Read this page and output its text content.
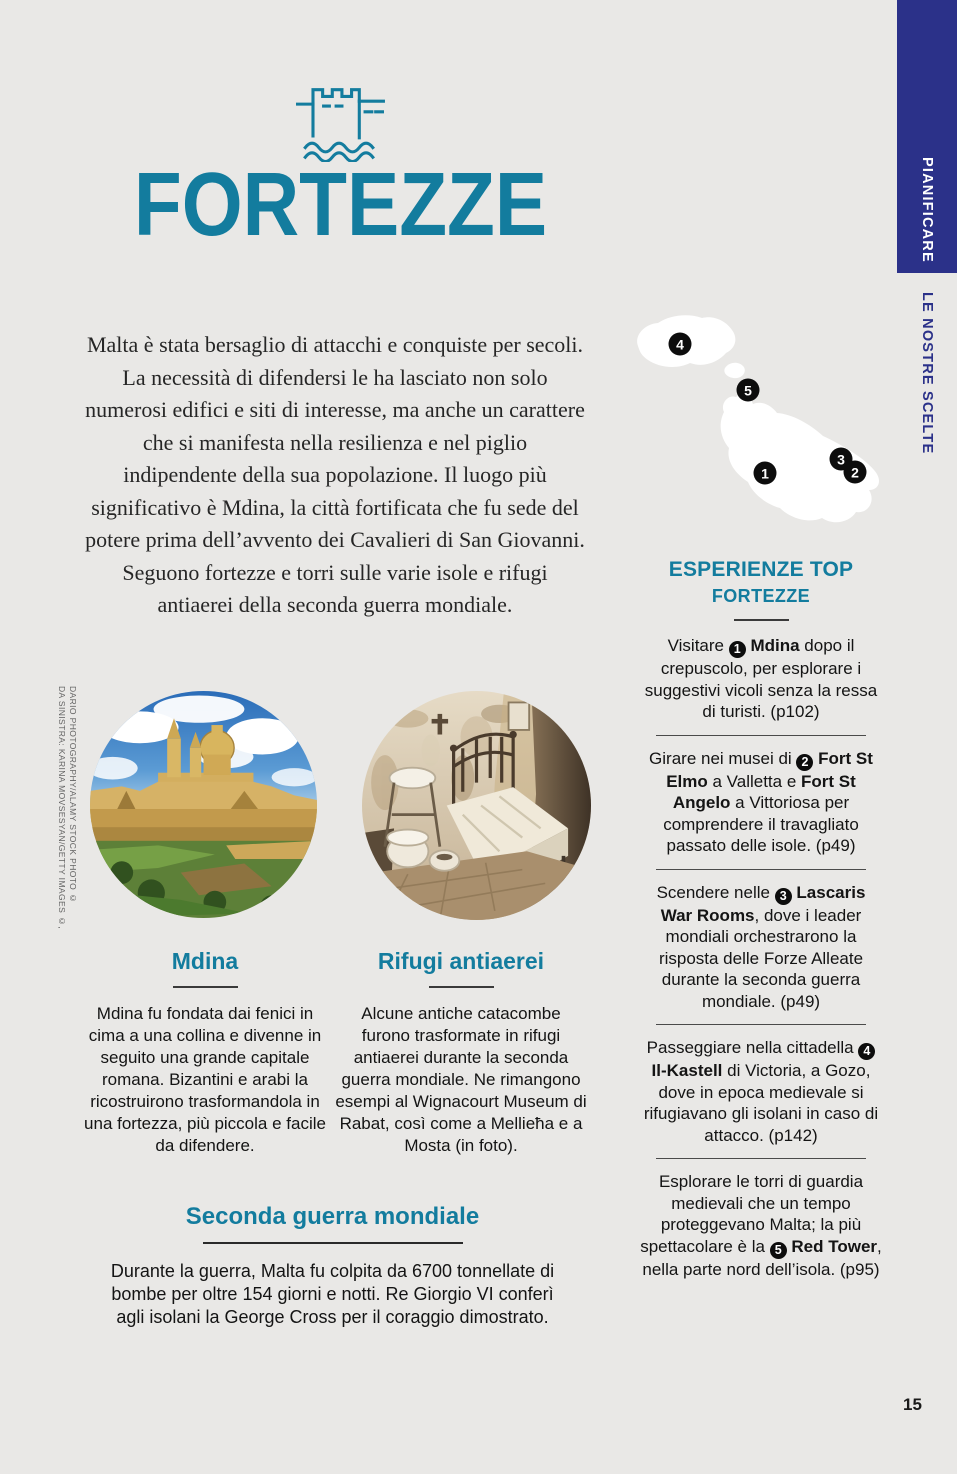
PIANIFICARE
LE NOSTRE SCELTE
FORTEZZE

Malta è stata bersaglio di attacchi e conquiste per secoli. La necessità di difendersi le ha lasciato non solo numerosi edifici e siti di interesse, ma anche un carattere che si manifesta nella resilienza e nel piglio indipendente della sua popolazione. Il luogo più significativo è Mdina, la città fortificata che fu sede del potere prima dell’avvento dei Cavalieri di San Giovanni. Seguono fortezze e torri sulle varie isole e rifugi antiaerei della seconda guerra mondiale.

DA SINISTRA: KARINA MOVSESYAN/GETTY IMAGES ©, DARIO PHOTOGRAPHY/ALAMY STOCK PHOTO ©
4
5
1
3
2
ESPERIENZE TOP
FORTEZZE

Visitare 1 Mdina dopo il crepuscolo, per esplorare i suggestivi vicoli senza la ressa di turisti. (p102)

Girare nei musei di 2 Fort St Elmo a Valletta e Fort St Angelo a Vittoriosa per comprendere il travagliato passato delle isole. (p49)

Scendere nelle 3 Lascaris War Rooms, dove i leader mondiali orchestrarono la risposta delle Forze Alleate durante la seconda guerra mondiale. (p49)

Passeggiare nella cittadella 4 Il-Kastell di Victoria, a Gozo, dove in epoca medievale si rifugiavano gli isolani in caso di attacco. (p142)

Esplorare le torri di guardia medievali che un tempo proteggevano Malta; la più spettacolare è la 5 Red Tower, nella parte nord dell’isola. (p95)

Mdina

Mdina fu fondata dai fenici in cima a una collina e divenne in seguito una grande capitale romana. Bizantini e arabi la ricostruirono trasformandola in una fortezza, più piccola e facile da difendere.

Rifugi antiaerei

Alcune antiche catacombe furono trasformate in rifugi antiaerei durante la seconda guerra mondiale. Ne rimangono esempi al Wignacourt Museum di Rabat, così come a Mellieħa e a Mosta (in foto).

Seconda guerra mondiale

Durante la guerra, Malta fu colpita da 6700 tonnellate di bombe per oltre 154 giorni e notti. Re Giorgio VI conferì agli isolani la George Cross per il coraggio dimostrato.

15
